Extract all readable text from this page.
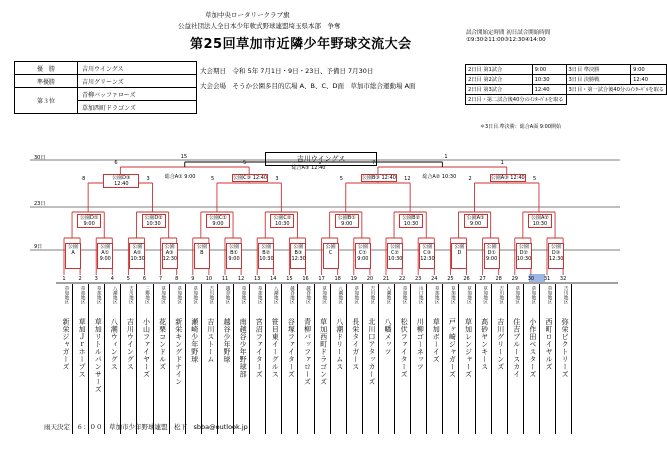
草加中央ロータリークラブ旗
公益社団法人全日本少年軟式野球連盟埼玉県本部　争奪
第25回草加市近隣少年野球交流大会
優　勝	吉川ウイングス
準優勝	吉川グリーンズ
第３位	青柳バッファローズ
	草加西町ドラゴンズ
大会期日　令和 5年 7月1日・9日・23日、予備日 7月30日
大会会場　そうか公園多目的広場 A、B、C、D面　草加市総合運動場 A面
試合開始定時間 初日試合開始時間 ①9:30②11:00③12:30④14:00
2日目 第1試合	9:00	3日目 準決勝	9:00
2日目 第2試合	10:30	3日目 決勝戦	12:40
2日目 第3試合	12:40	3日目・第一試合後40分のｲﾝﾀｰﾊﾞﾙを取る	
2日目・第二試合後40分のｲﾝﾀｰﾊﾞﾙを取る			
＊3日目.準決勝：総合A面 9:00開始
吉川ウイングス
30日
23日
9日
総合A③ 12:40
総合A① 9:00	総合A② 10:30
15	1
公園D③ 12:40
6
公園C③ 12:40
5
公園B③ 12:40
7
公園A③ 12:40
1
公園D① 9:00
8
公園D② 10:30
3
公園C① 9:00
5
公園C② 10:30
3
公園B① 9:00
5
公園B② 10:30
12
公園A① 9:00
2
公園A② 10:30
5
公園 A
公園 A① 9:00
公園 A② 10:30
公園 A③ 12:30
公園 B
公園 B① 9:00
公園 B② 10:30
公園 B③ 12:30
公園 C
公園 C① 9:00
公園 C② 10:30
公園 C③ 12:30
公園 D
公園 D① 9:00
公園 D② 10:30
公園 D③ 12:30
1
草加地区
新栄ジャガーズ
2
草加地区
草加Ｊｒホープス
3
草加地区
草加リトルパンサーズ
4
八潮地区
八潮ウィングス
5
吉川地区
吉川ウイングス
6
三郷地区
小山ファイヤーズ
7
草加地区
花栗コンドルズ
8
草加地区
新栄キングドナイン
9
草加地区
瀬崎少年野球
10
吉川地区
吉川ストーム
11
越谷地区
越谷少年野球
12
草加地区
南越谷少年野球部
13
草加地区
宮沼ファイターズ
14
八潮地区
笹目東イーグルス
15
越谷地区
谷塚ファイターズ
16
越谷地区
青柳バッファローズ
17
草加地区
草加西町ドラゴンズ
18
八潮地区
八潮ドリームス
19
草加地区
長栄タイガース
20
吉川地区
北川口アタッカーズ
21
八潮地区
八幡メッツ
22
草加地区
松伏ファイターズ
23
川口地区
川柳ゴーネッツ
24
草加地区
草加ボーイズ
25
草加地区
戸ヶ崎ジャガーズ
26
草加地区
草加レンジャーズ
27
草加地区
高砂ヤンキース
28
吉川地区
吉川グリーンズ
29
草加地区
住吉ブルースカイ
30
草加地区
小作田ベスターズ
31
草加地区
西町ロイヤルズ
32
吉川地区
弥栄ビクトリーズ
雨天決定　６：００　草加市少年野球連盟　松下　sbba@outlook.jp
